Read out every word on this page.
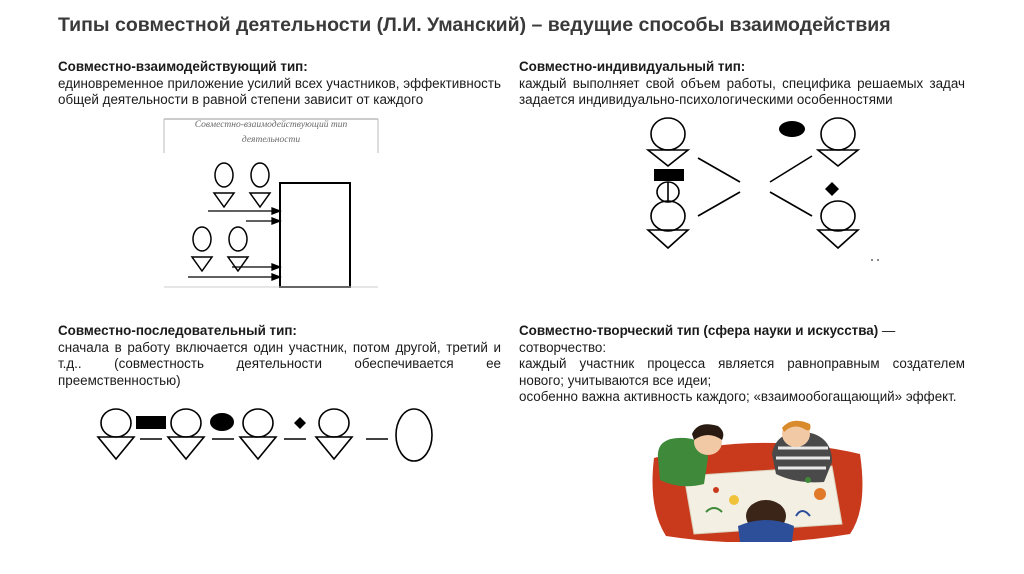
Типы совместной деятельности (Л.И. Уманский) – ведущие способы взаимодействия
Совместно-взаимодействующий тип:

единовременное приложение усилий всех участников, эффективность общей деятельности в равной степени зависит от каждого

Совместно-индивидуальный тип:

каждый выполняет свой объем работы, специфика решаемых задач задается индивидуально-психологическими особенностями

Совместно-последовательный тип:

сначала в работу включается один участник, потом другой, третий и т.д.. (совместность деятельности обеспечивается ее преемственностью)

Совместно-творческий тип (сфера науки и искусства) — сотворчество:

каждый участник процесса является равноправным создателем нового; учитываются все идеи;

особенно важна активность каждого; «взаимообогащающий» эффект.

Совместно-взаимодействующий тип
деятельности
